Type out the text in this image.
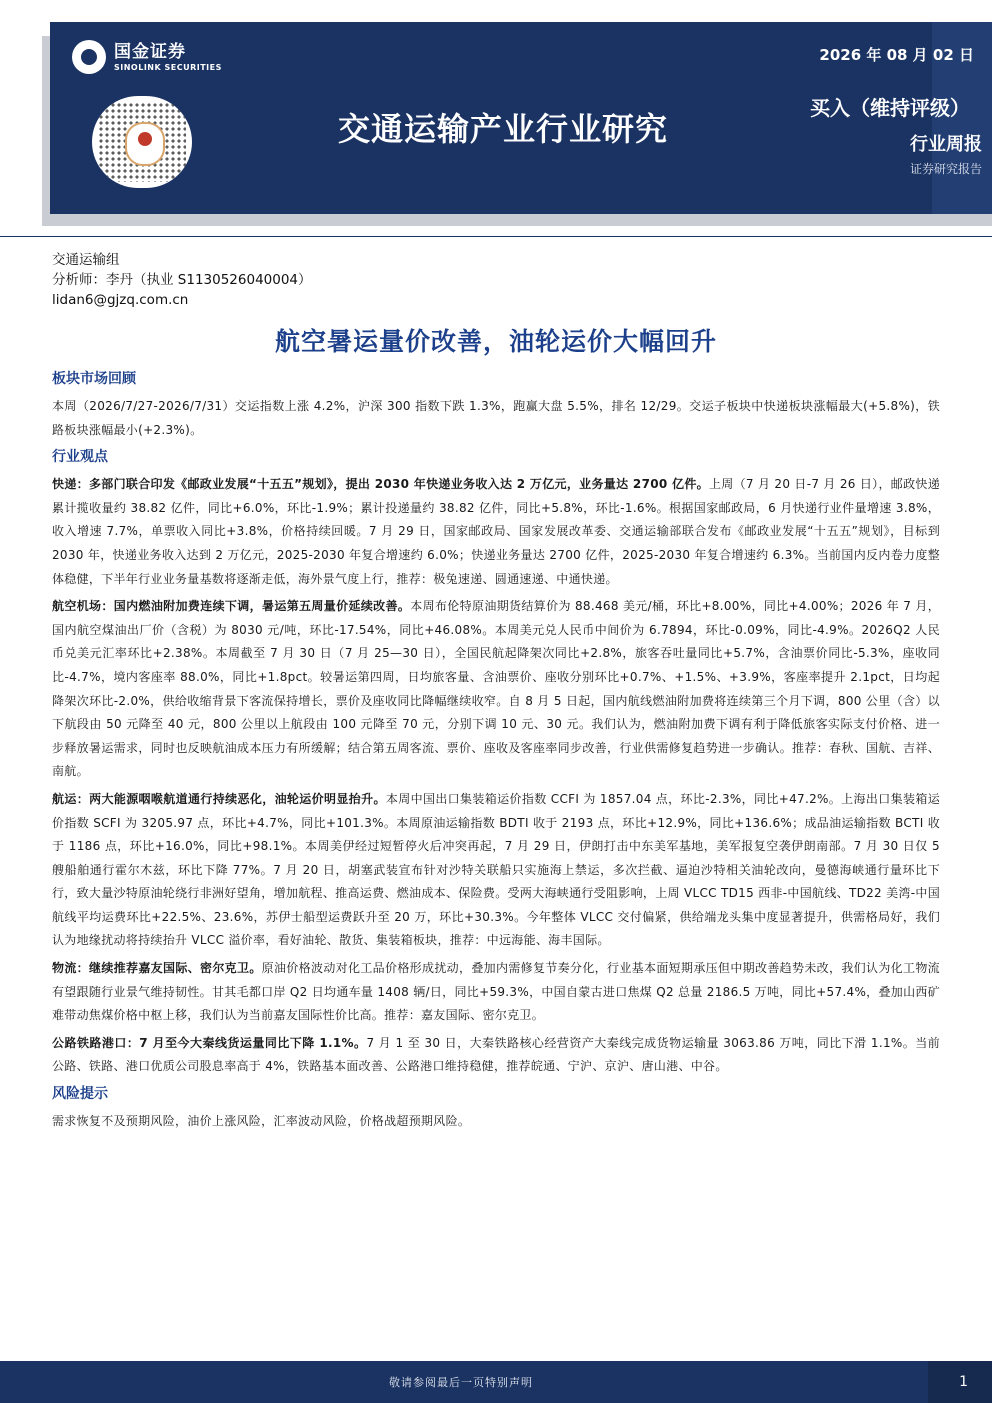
国金证券
SINOLINK SECURITIES
交通运输产业行业研究
2026 年 08 月 02 日
买入（维持评级）
行业周报
证券研究报告
交通运输组
分析师：李丹（执业 S1130526040004）
lidan6@gjzq.com.cn
航空暑运量价改善，油轮运价大幅回升
板块市场回顾

本周（2026/7/27-2026/7/31）交运指数上涨 4.2%，沪深 300 指数下跌 1.3%，跑赢大盘 5.5%，排名 12/29。交运子板块中快递板块涨幅最大(+5.8%)，铁路板块涨幅最小(+2.3%)。

行业观点

快递：多部门联合印发《邮政业发展“十五五”规划》，提出 2030 年快递业务收入达 2 万亿元，业务量达 2700 亿件。上周（7 月 20 日-7 月 26 日），邮政快递累计揽收量约 38.82 亿件，同比+6.0%，环比-1.9%；累计投递量约 38.82 亿件，同比+5.8%，环比-1.6%。根据国家邮政局，6 月快递行业件量增速 3.8%，收入增速 7.7%，单票收入同比+3.8%，价格持续回暖。7 月 29 日，国家邮政局、国家发展改革委、交通运输部联合发布《邮政业发展“十五五”规划》，目标到 2030 年，快递业务收入达到 2 万亿元，2025-2030 年复合增速约 6.0%；快递业务量达 2700 亿件，2025-2030 年复合增速约 6.3%。当前国内反内卷力度整体稳健，下半年行业业务量基数将逐渐走低，海外景气度上行，推荐：极兔速递、圆通速递、中通快递。

航空机场：国内燃油附加费连续下调，暑运第五周量价延续改善。本周布伦特原油期货结算价为 88.468 美元/桶，环比+8.00%，同比+4.00%；2026 年 7 月，国内航空煤油出厂价（含税）为 8030 元/吨，环比-17.54%，同比+46.08%。本周美元兑人民币中间价为 6.7894，环比-0.09%，同比-4.9%。2026Q2 人民币兑美元汇率环比+2.38%。本周截至 7 月 30 日（7 月 25—30 日），全国民航起降架次同比+2.8%，旅客吞吐量同比+5.7%，含油票价同比-5.3%，座收同比-4.7%，境内客座率 88.0%，同比+1.8pct。较暑运第四周，日均旅客量、含油票价、座收分别环比+0.7%、+1.5%、+3.9%，客座率提升 2.1pct，日均起降架次环比-2.0%，供给收缩背景下客流保持增长，票价及座收同比降幅继续收窄。自 8 月 5 日起，国内航线燃油附加费将连续第三个月下调，800 公里（含）以下航段由 50 元降至 40 元，800 公里以上航段由 100 元降至 70 元，分别下调 10 元、30 元。我们认为，燃油附加费下调有利于降低旅客实际支付价格、进一步释放暑运需求，同时也反映航油成本压力有所缓解；结合第五周客流、票价、座收及客座率同步改善，行业供需修复趋势进一步确认。推荐：春秋、国航、吉祥、南航。

航运：两大能源咽喉航道通行持续恶化，油轮运价明显抬升。本周中国出口集装箱运价指数 CCFI 为 1857.04 点，环比-2.3%，同比+47.2%。上海出口集装箱运价指数 SCFI 为 3205.97 点，环比+4.7%，同比+101.3%。本周原油运输指数 BDTI 收于 2193 点，环比+12.9%，同比+136.6%；成品油运输指数 BCTI 收于 1186 点，环比+16.0%，同比+98.1%。本周美伊经过短暂停火后冲突再起，7 月 29 日，伊朗打击中东美军基地，美军报复空袭伊朗南部。7 月 30 日仅 5 艘船舶通行霍尔木兹，环比下降 77%。7 月 20 日，胡塞武装宣布针对沙特关联船只实施海上禁运，多次拦截、逼迫沙特相关油轮改向，曼德海峡通行量环比下行，致大量沙特原油轮绕行非洲好望角，增加航程、推高运费、燃油成本、保险费。受两大海峡通行受阻影响，上周 VLCC TD15 西非-中国航线、TD22 美湾-中国航线平均运费环比+22.5%、23.6%，苏伊士船型运费跃升至 20 万，环比+30.3%。今年整体 VLCC 交付偏紧，供给端龙头集中度显著提升，供需格局好，我们认为地缘扰动将持续抬升 VLCC 溢价率，看好油轮、散货、集装箱板块，推荐：中远海能、海丰国际。

物流：继续推荐嘉友国际、密尔克卫。原油价格波动对化工品价格形成扰动，叠加内需修复节奏分化，行业基本面短期承压但中期改善趋势未改，我们认为化工物流有望跟随行业景气维持韧性。甘其毛都口岸 Q2 日均通车量 1408 辆/日，同比+59.3%，中国自蒙古进口焦煤 Q2 总量 2186.5 万吨，同比+57.4%，叠加山西矿难带动焦煤价格中枢上移，我们认为当前嘉友国际性价比高。推荐：嘉友国际、密尔克卫。

公路铁路港口：7 月至今大秦线货运量同比下降 1.1%。7 月 1 至 30 日，大秦铁路核心经营资产大秦线完成货物运输量 3063.86 万吨，同比下滑 1.1%。当前公路、铁路、港口优质公司股息率高于 4%，铁路基本面改善、公路港口维持稳健，推荐皖通、宁沪、京沪、唐山港、中谷。

风险提示

需求恢复不及预期风险，油价上涨风险，汇率波动风险，价格战超预期风险。

敬请参阅最后一页特别声明	1
